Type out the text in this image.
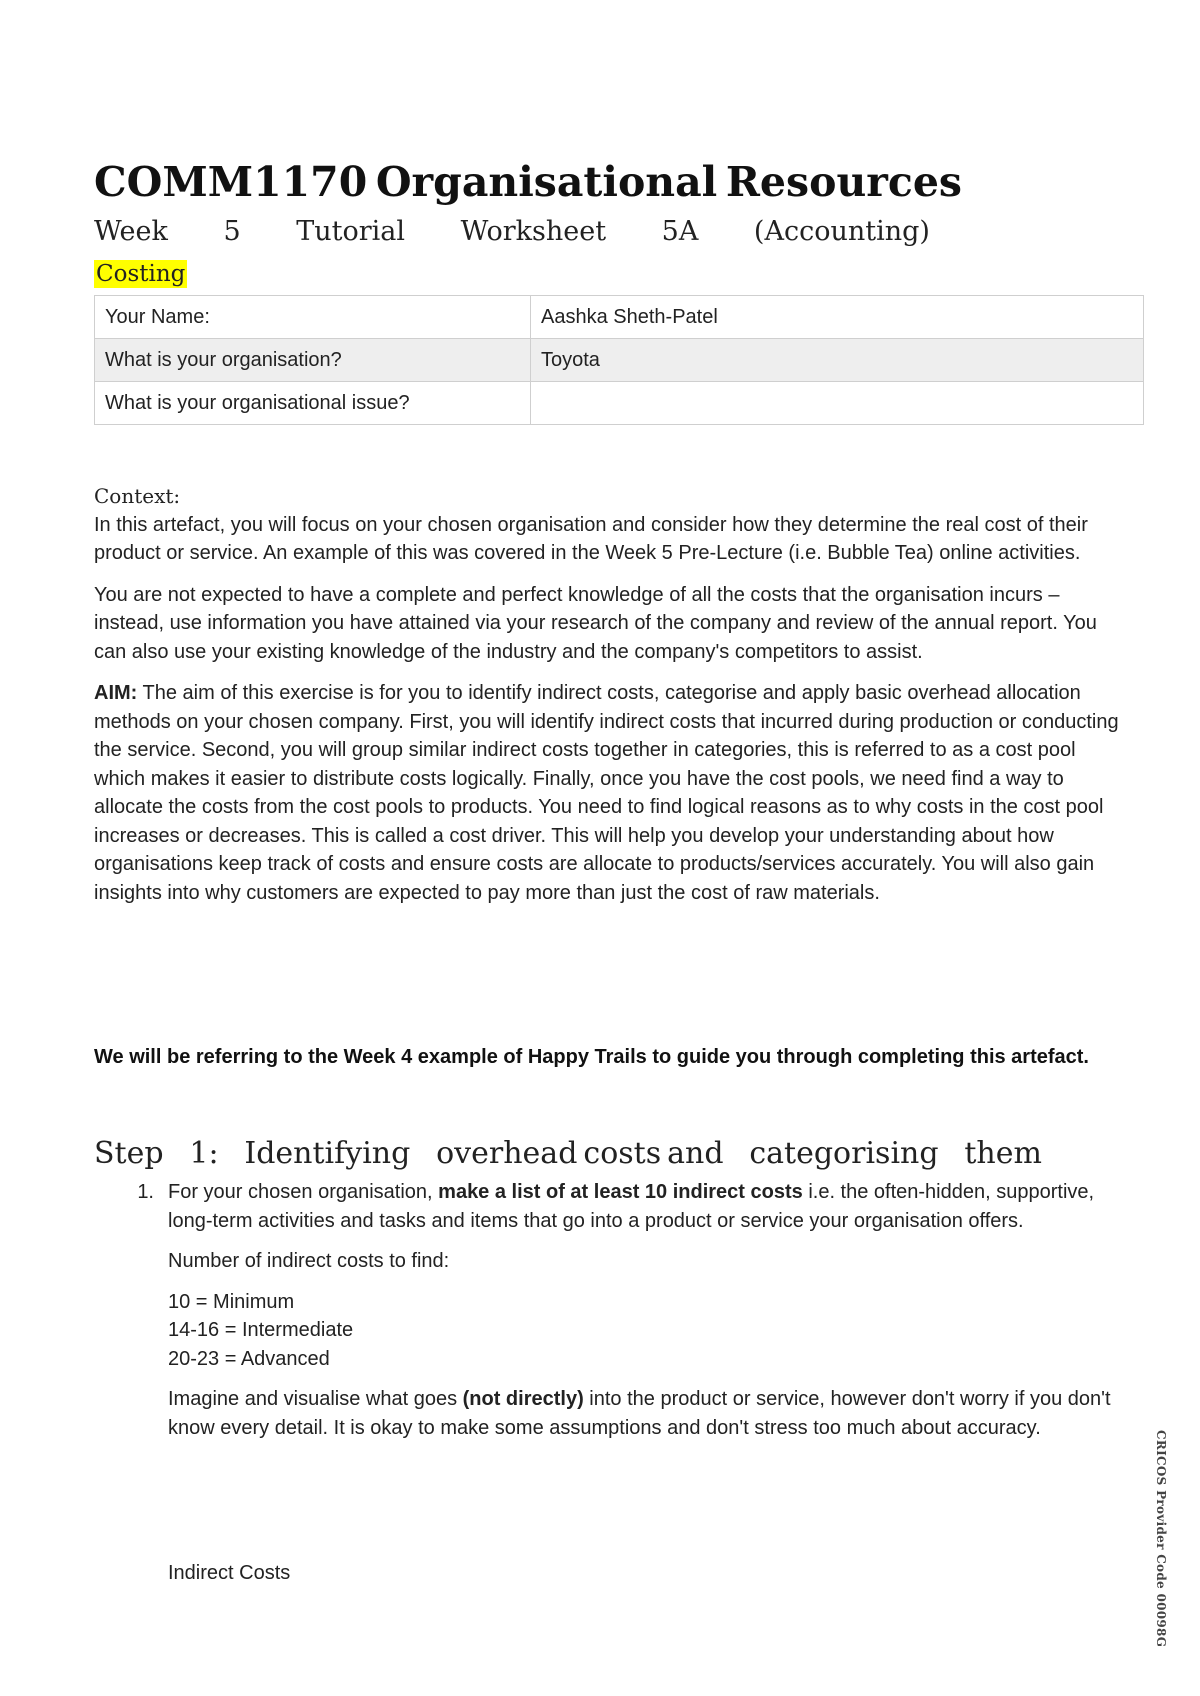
COMM1170 Organisational Resources
Week 5 Tutorial Worksheet 5A (Accounting)
Costing
Your Name:	Aashka Sheth-Patel
What is your organisation?	Toyota
What is your organisational issue?	
Context:

In this artefact, you will focus on your chosen organisation and consider how they determine the real cost of their product or service. An example of this was covered in the Week 5 Pre-Lecture (i.e. Bubble Tea) online activities.

You are not expected to have a complete and perfect knowledge of all the costs that the organisation incurs – instead, use information you have attained via your research of the company and review of the annual report. You can also use your existing knowledge of the industry and the company's competitors to assist.

AIM: The aim of this exercise is for you to identify indirect costs, categorise and apply basic overhead allocation methods on your chosen company. First, you will identify indirect costs that incurred during production or conducting the service. Second, you will group similar indirect costs together in categories, this is referred to as a cost pool which makes it easier to distribute costs logically. Finally, once you have the cost pools, we need find a way to allocate the costs from the cost pools to products. You need to find logical reasons as to why costs in the cost pool increases or decreases. This is called a cost driver. This will help you develop your understanding about how organisations keep track of costs and ensure costs are allocate to products/services accurately. You will also gain insights into why customers are expected to pay more than just the cost of raw materials.

We will be referring to the Week 4 example of Happy Trails to guide you through completing this artefact.
Step 1: Identifying overhead costs and categorising them
1. For your chosen organisation, make a list of at least 10 indirect costs i.e. the often-hidden, supportive, long-term activities and tasks and items that go into a product or service your organisation offers.

Number of indirect costs to find:

10 = Minimum
14-16 = Intermediate
20-23 = Advanced

Imagine and visualise what goes (not directly) into the product or service, however don't worry if you don't know every detail. It is okay to make some assumptions and don't stress too much about accuracy.

Indirect Costs	CRICOS Provider Code 00098G
